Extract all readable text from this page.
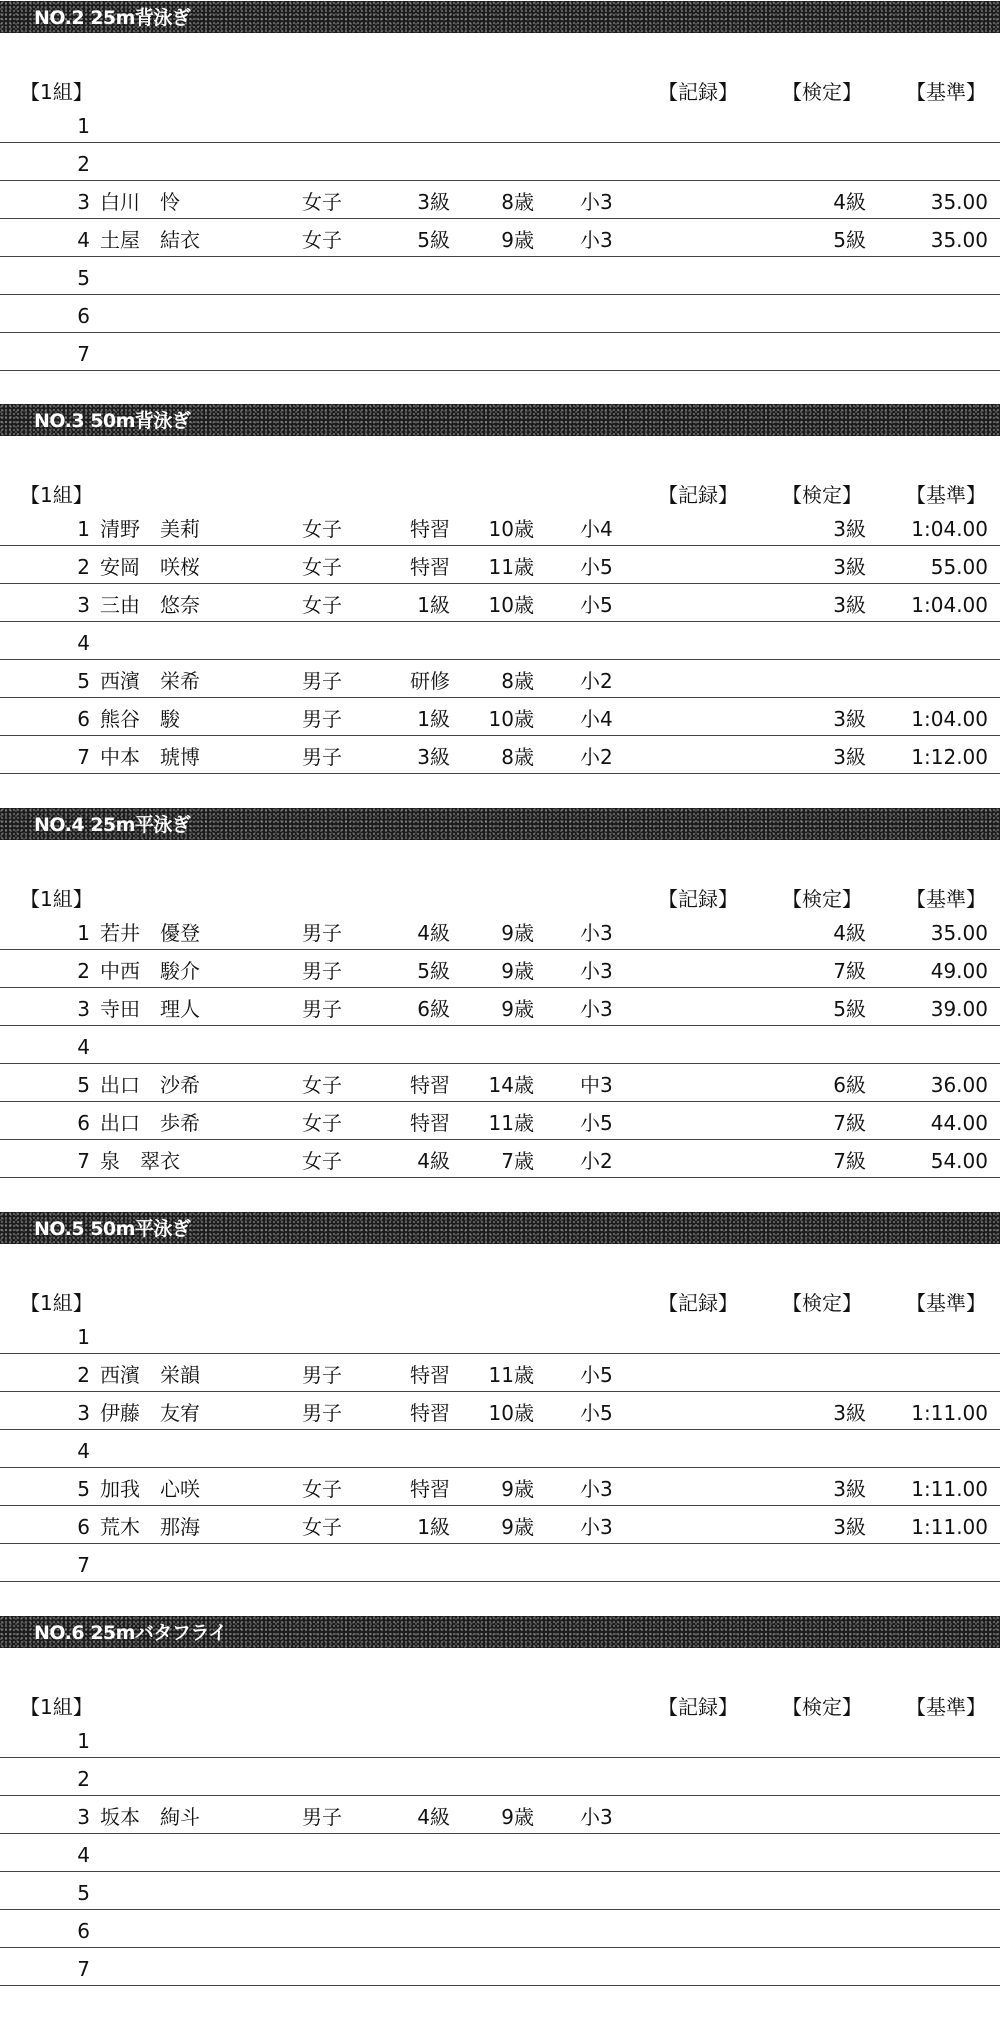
NO.2 25m背泳ぎ
【1組】	【記録】 【検定】 【基準】
1
2
3 白川　怜	女子	3級	8歳 小3	4級	35.00
4 土屋　結衣	女子	5級	9歳 小3	5級	35.00
5
6
7
NO.3 50m背泳ぎ
【1組】	【記録】 【検定】 【基準】
1 清野　美莉	女子	特習	10歳 小4	3級	1:04.00
2 安岡　咲桜	女子	特習	11歳 小5	3級	55.00
3 三由　悠奈	女子	1級	10歳 小5	3級	1:04.00
4
5 西濱　栄希	男子	研修	8歳 小2
6 熊谷　駿	男子	1級	10歳 小4	3級	1:04.00
7 中本　琥博	男子	3級	8歳 小2	3級	1:12.00
NO.4 25m平泳ぎ
【1組】	【記録】 【検定】 【基準】
1 若井　優登	男子	4級	9歳 小3	4級	35.00
2 中西　駿介	男子	5級	9歳 小3	7級	49.00
3 寺田　理人	男子	6級	9歳 小3	5級	39.00
4
5 出口　沙希	女子	特習	14歳 中3	6級	36.00
6 出口　歩希	女子	特習	11歳 小5	7級	44.00
7 泉　翠衣	女子	4級	7歳 小2	7級	54.00
NO.5 50m平泳ぎ
【1組】	【記録】 【検定】 【基準】
1
2 西濱　栄韻	男子	特習	11歳 小5
3 伊藤　友宥	男子	特習	10歳 小5	3級	1:11.00
4
5 加我　心咲	女子	特習	9歳 小3	3級	1:11.00
6 荒木　那海	女子	1級	9歳 小3	3級	1:11.00
7
NO.6 25mバタフライ
【1組】	【記録】 【検定】 【基準】
1
2
3 坂本　絢斗	男子	4級	9歳 小3
4
5
6
7
